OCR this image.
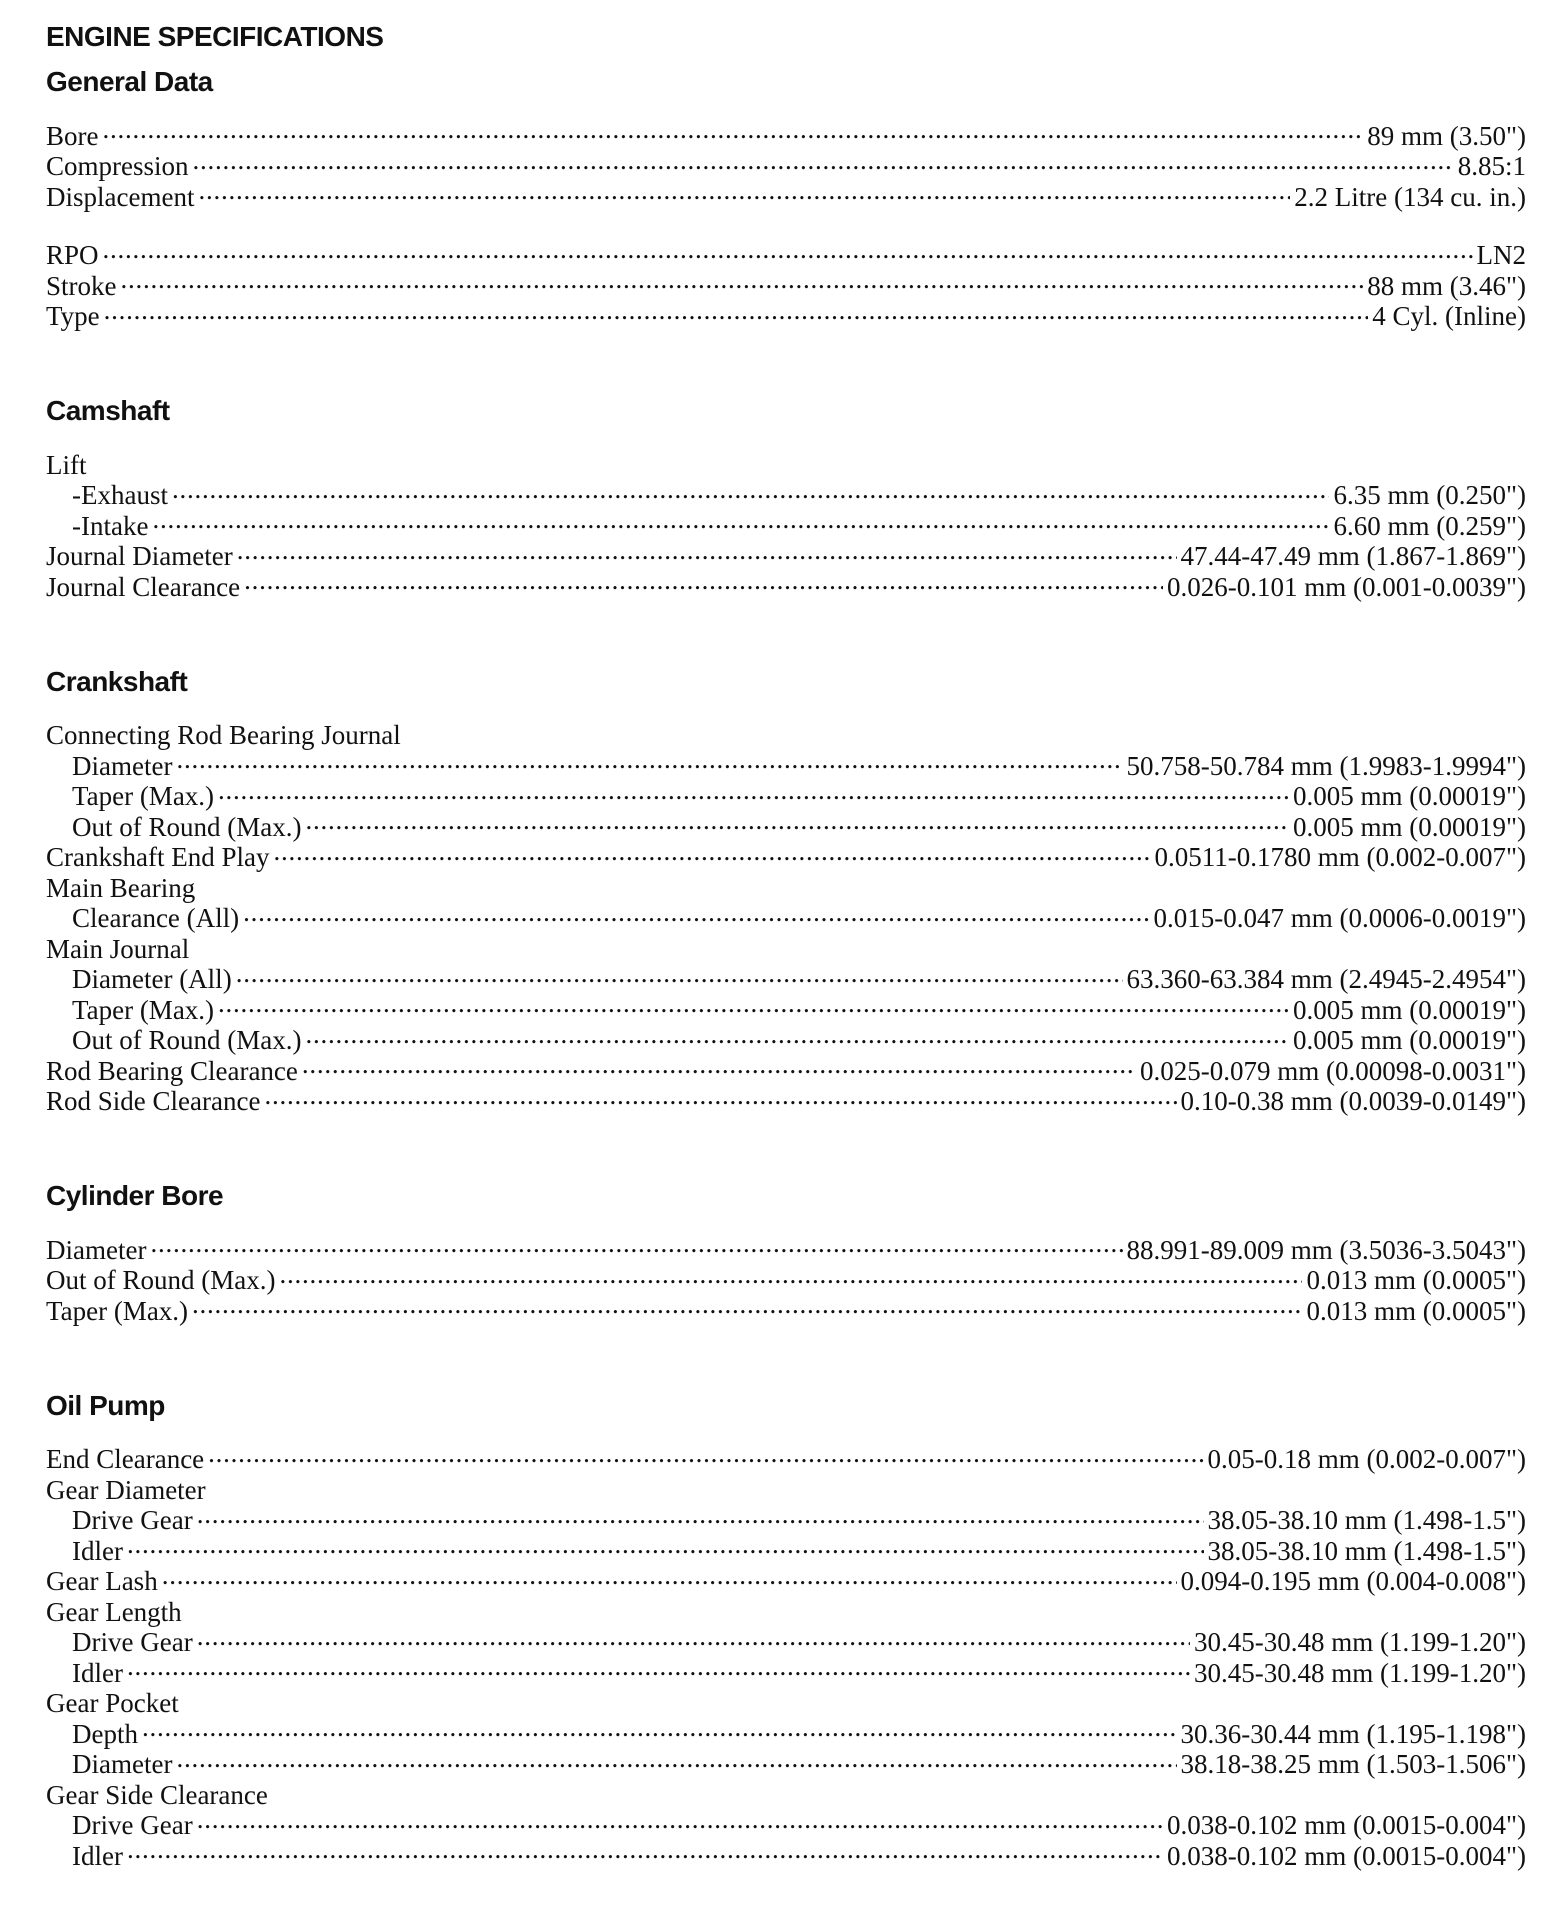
ENGINE SPECIFICATIONS
General Data
Bore . . .	89 mm (3.50")
Compression . . .	8.85:1
Displacement . . .	2.2 Litre (134 cu. in.)
RPO . . .	LN2
Stroke . . .	88 mm (3.46")
Type . . .	4 Cyl. (Inline)
Camshaft
Lift
-Exhaust . . .	6.35 mm (0.250")
-Intake . . .	6.60 mm (0.259")
Journal Diameter . . .	47.44-47.49 mm (1.867-1.869")
Journal Clearance . . .	0.026-0.101 mm (0.001-0.0039")
Crankshaft
Connecting Rod Bearing Journal
Diameter . . .	50.758-50.784 mm (1.9983-1.9994")
Taper (Max.) . . .	0.005 mm (0.00019")
Out of Round (Max.) . . .	0.005 mm (0.00019")
Crankshaft End Play . . .	0.0511-0.1780 mm (0.002-0.007")
Main Bearing
Clearance (All) . . .	0.015-0.047 mm (0.0006-0.0019")
Main Journal
Diameter (All) . . .	63.360-63.384 mm (2.4945-2.4954")
Taper (Max.) . . .	0.005 mm (0.00019")
Out of Round (Max.) . . .	0.005 mm (0.00019")
Rod Bearing Clearance . . .	0.025-0.079 mm (0.00098-0.0031")
Rod Side Clearance . . .	0.10-0.38 mm (0.0039-0.0149")
Cylinder Bore
Diameter . . .	88.991-89.009 mm (3.5036-3.5043")
Out of Round (Max.) . . .	0.013 mm (0.0005")
Taper (Max.) . . .	0.013 mm (0.0005")
Oil Pump
End Clearance . . .	0.05-0.18 mm (0.002-0.007")
Gear Diameter
Drive Gear . . .	38.05-38.10 mm (1.498-1.5")
Idler . . .	38.05-38.10 mm (1.498-1.5")
Gear Lash . . .	0.094-0.195 mm (0.004-0.008")
Gear Length
Drive Gear . . .	30.45-30.48 mm (1.199-1.20")
Idler . . .	30.45-30.48 mm (1.199-1.20")
Gear Pocket
Depth . . .	30.36-30.44 mm (1.195-1.198")
Diameter . . .	38.18-38.25 mm (1.503-1.506")
Gear Side Clearance
Drive Gear . . .	0.038-0.102 mm (0.0015-0.004")
Idler . . .	0.038-0.102 mm (0.0015-0.004")
